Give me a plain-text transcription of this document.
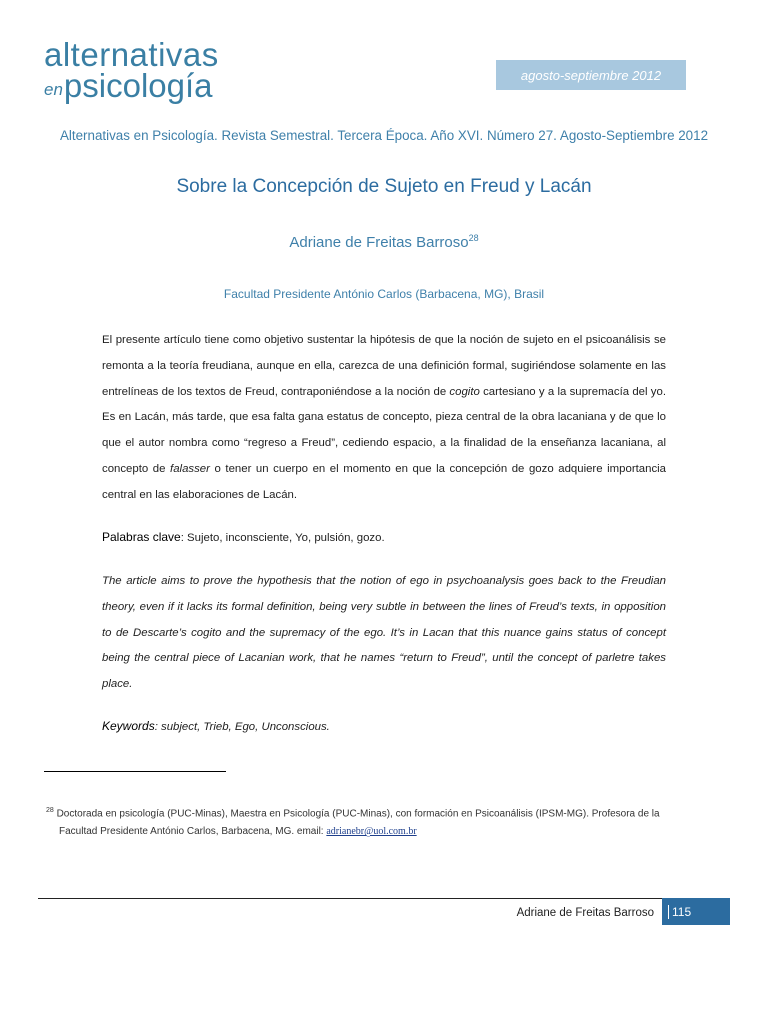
alternativas
enpsicología	agosto-septiembre 2012
Alternativas en Psicología. Revista Semestral. Tercera Época. Año XVI. Número 27. Agosto-Septiembre 2012
Sobre la Concepción de Sujeto en Freud y Lacán
Adriane de Freitas Barroso$^{28}$
Facultad Presidente António Carlos (Barbacena, MG), Brasil

El presente artículo tiene como objetivo sustentar la hipótesis de que la noción de sujeto en el psicoanálisis se remonta a la teoría freudiana, aunque en ella, carezca de una definición formal, sugiriéndose solamente en las entrelíneas de los textos de Freud, contraponiéndose a la noción de cogito cartesiano y a la supremacía del yo. Es en Lacán, más tarde, que esa falta gana estatus de concepto, pieza central de la obra lacaniana y de que lo que el autor nombra como “regreso a Freud”, cediendo espacio, a la finalidad de la enseñanza lacaniana, al concepto de falasser o tener un cuerpo en el momento en que la concepción de gozo adquiere importancia central en las elaboraciones de Lacán.

Palabras clave: Sujeto, inconsciente, Yo, pulsión, gozo.

The article aims to prove the hypothesis that the notion of ego in psychoanalysis goes back to the Freudian theory, even if it lacks its formal definition, being very subtle in between the lines of Freud’s texts, in opposition to de Descarte’s cogito and the supremacy of the ego. It’s in Lacan that this nuance gains status of concept being the central piece of Lacanian work, that he names “return to Freud”, until the concept of parletre takes place.

Keywords: subject, Trieb, Ego, Unconscious.

$^{28}$ Doctorada en psicología (PUC-Minas), Maestra en Psicología (PUC-Minas), con formación en Psicoanálisis (IPSM-MG). Profesora de la
Facultad Presidente António Carlos, Barbacena, MG. email: adrianebr@uol.com.br

Adriane de Freitas Barroso 115
